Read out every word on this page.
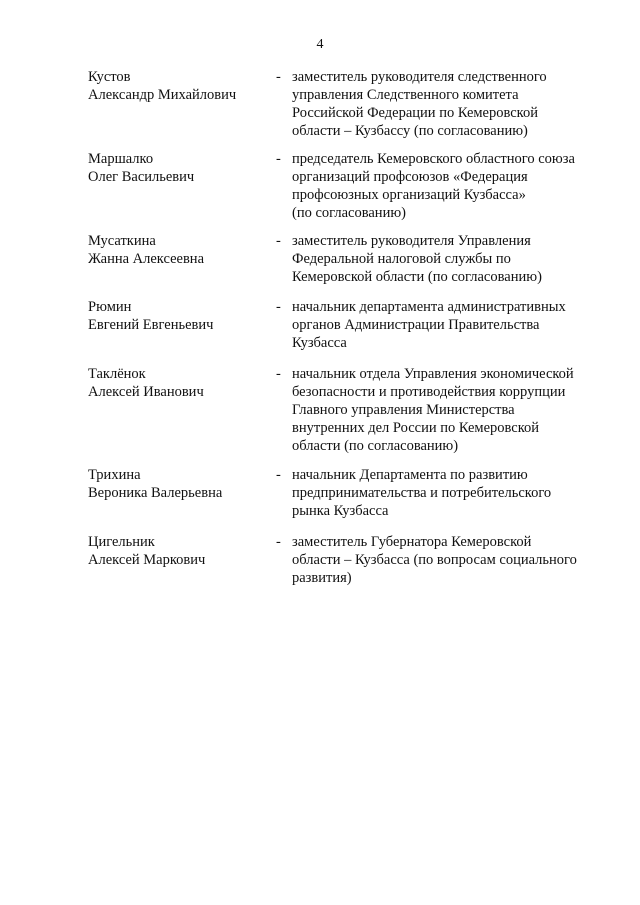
4
Кустов
Александр Михайлович
- заместитель руководителя следственного
управления Следственного комитета
Российской Федерации по Кемеровской
области – Кузбассу (по согласованию)
Маршалко
Олег Васильевич
- председатель Кемеровского областного союза
организаций профсоюзов «Федерация
профсоюзных организаций Кузбасса»
(по согласованию)
Мусаткина
Жанна Алексеевна
- заместитель руководителя Управления
Федеральной налоговой службы по
Кемеровской области (по согласованию)
Рюмин
Евгений Евгеньевич
- начальник департамента административных
органов Администрации Правительства
Кузбасса
Таклёнок
Алексей Иванович
- начальник отдела Управления экономической
безопасности и противодействия коррупции
Главного управления Министерства
внутренних дел России по Кемеровской
области (по согласованию)
Трихина
Вероника Валерьевна
- начальник Департамента по развитию
предпринимательства и потребительского
рынка Кузбасса
Цигельник
Алексей Маркович
- заместитель Губернатора Кемеровской
области – Кузбасса (по вопросам социального
развития)
